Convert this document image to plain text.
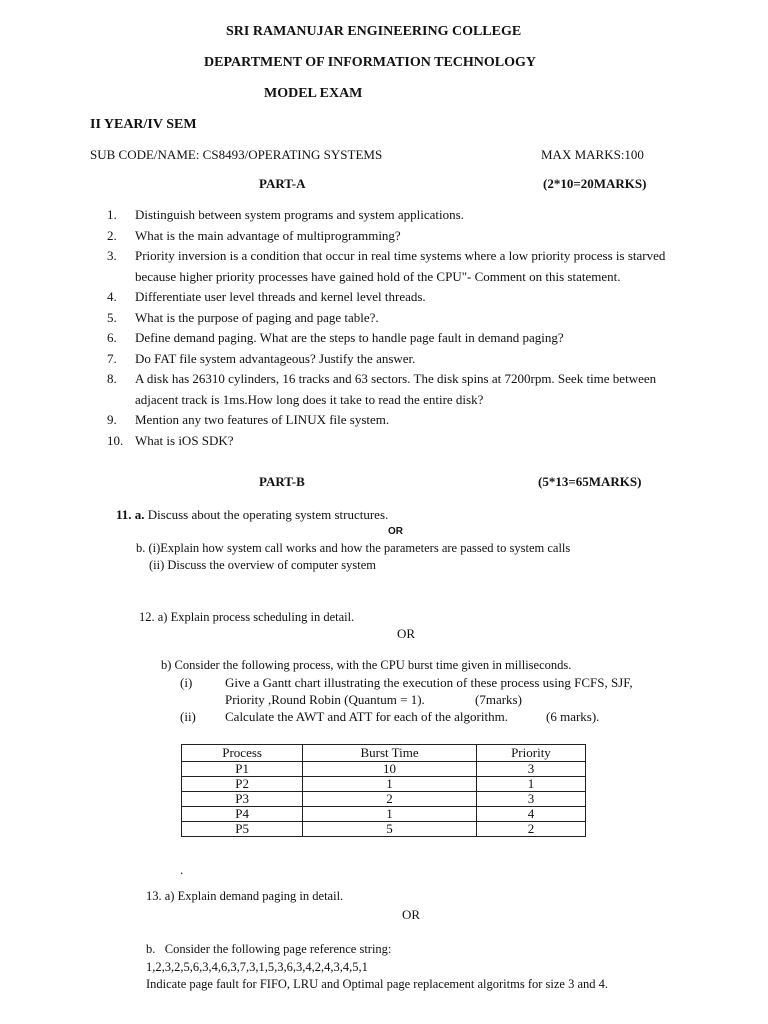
SRI RAMANUJAR ENGINEERING COLLEGE
DEPARTMENT OF INFORMATION TECHNOLOGY
MODEL EXAM
II YEAR/IV SEM
SUB CODE/NAME: CS8493/OPERATING SYSTEMS	MAX MARKS:100
PART-A	(2*10=20MARKS)
1.	Distinguish between system programs and system applications.
2.	What is the main advantage of multiprogramming?
3.	Priority inversion is a condition that occur in real time systems where a low priority process is starved because higher priority processes have gained hold of the CPU"- Comment on this statement.
4.	Differentiate user level threads and kernel level threads.
5.	What is the purpose of paging and page table?.
6.	Define demand paging. What are the steps to handle page fault in demand paging?
7.	Do FAT file system advantageous? Justify the answer.
8.	A disk has 26310 cylinders, 16 tracks and 63 sectors. The disk spins at 7200rpm. Seek time between adjacent track is 1ms.How long does it take to read the entire disk?
9.	Mention any two features of LINUX file system.
10. What is iOS SDK?
PART-B	(5*13=65MARKS)
11. a. Discuss about the operating system structures.
OR
b. (i)Explain how system call works and how the parameters are passed to system calls
(ii) Discuss the overview of computer system
12. a) Explain process scheduling in detail.
OR
b) Consider the following process, with the CPU burst time given in milliseconds.
(i)	Give a Gantt chart illustrating the execution of these process using FCFS, SJF,
Priority ,Round Robin (Quantum = 1).	(7marks)
(ii) Calculate the AWT and ATT for each of the algorithm.	(6 marks).
Process	Burst Time	Priority
P1	10	3
P2	1	1
P3	2	3
P4	1	4
P5	5	2
.
13. a) Explain demand paging in detail.
OR
b. Consider the following page reference string:
1,2,3,2,5,6,3,4,6,3,7,3,1,5,3,6,3,4,2,4,3,4,5,1
Indicate page fault for FIFO, LRU and Optimal page replacement algoritms for size 3 and 4.
